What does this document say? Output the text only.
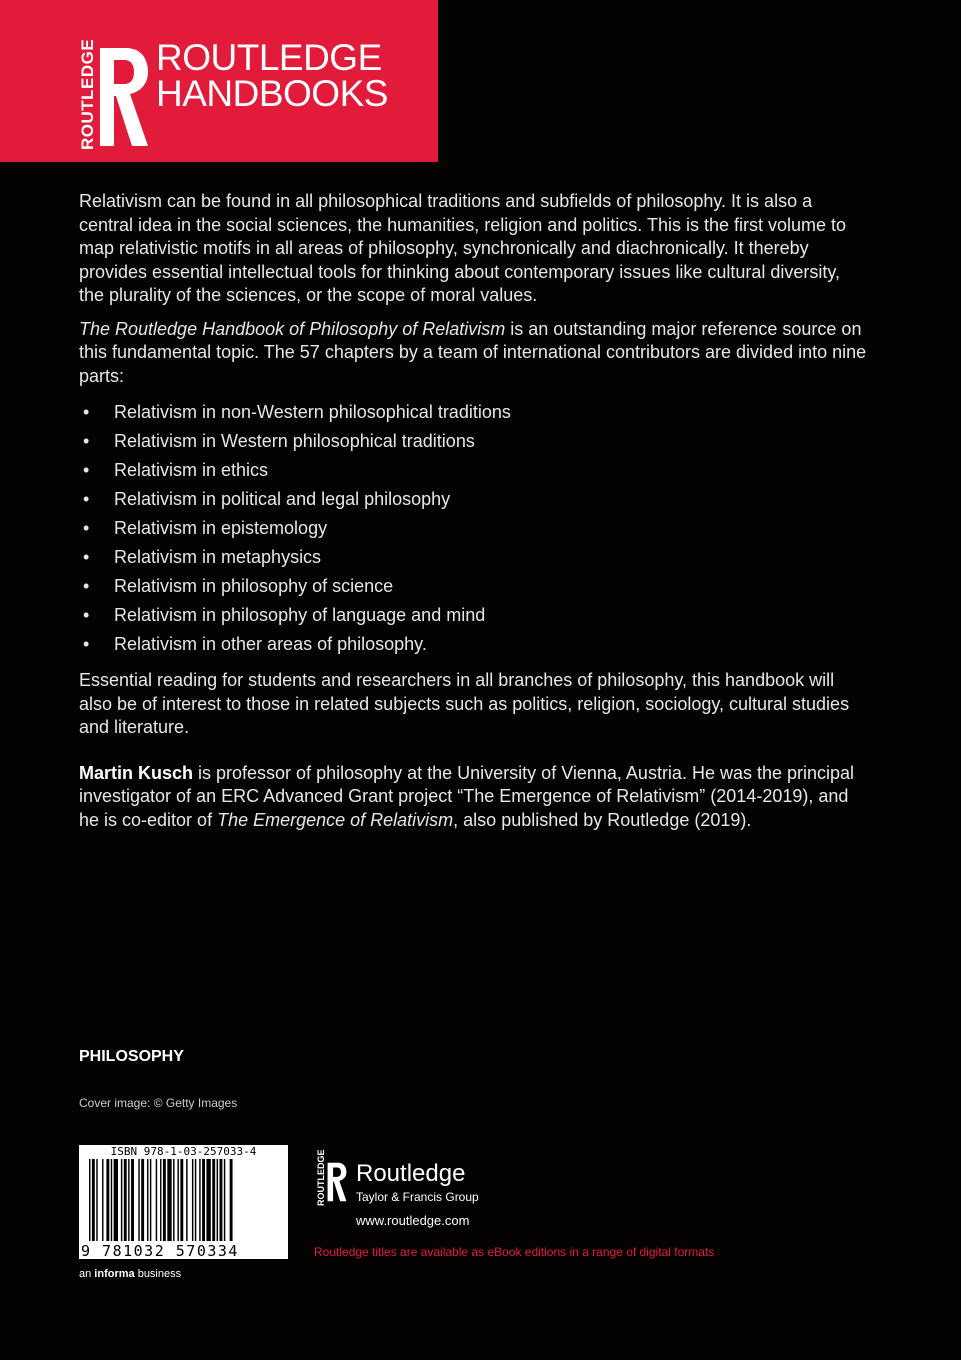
ROUTLEDGE ROUTLEDGE
HANDBOOKS

Relativism can be found in all philosophical traditions and subfields of philosophy. It is also a central idea in the social sciences, the humanities, religion and politics. This is the first volume to map relativistic motifs in all areas of philosophy, synchronically and diachronically. It thereby provides essential intellectual tools for thinking about contemporary issues like cultural diversity, the plurality of the sciences, or the scope of moral values.

The Routledge Handbook of Philosophy of Relativism is an outstanding major reference source on this fundamental topic. The 57 chapters by a team of international contributors are divided into nine parts:

• Relativism in non-Western philosophical traditions
• Relativism in Western philosophical traditions
• Relativism in ethics
• Relativism in political and legal philosophy
• Relativism in epistemology
• Relativism in metaphysics
• Relativism in philosophy of science
• Relativism in philosophy of language and mind
• Relativism in other areas of philosophy.

Essential reading for students and researchers in all branches of philosophy, this handbook will also be of interest to those in related subjects such as politics, religion, sociology, cultural studies and literature.

Martin Kusch is professor of philosophy at the University of Vienna, Austria. He was the principal investigator of an ERC Advanced Grant project “The Emergence of Relativism” (2014-2019), and he is co-editor of The Emergence of Relativism, also published by Routledge (2019).

PHILOSOPHY
Cover image: © Getty Images
ISBN 978-1-03-257033-4
9 781032 570334
an informa business
ROUTLEDGE Routledge
Taylor & Francis Group
www.routledge.com
Routledge titles are available as eBook editions in a range of digital formats
